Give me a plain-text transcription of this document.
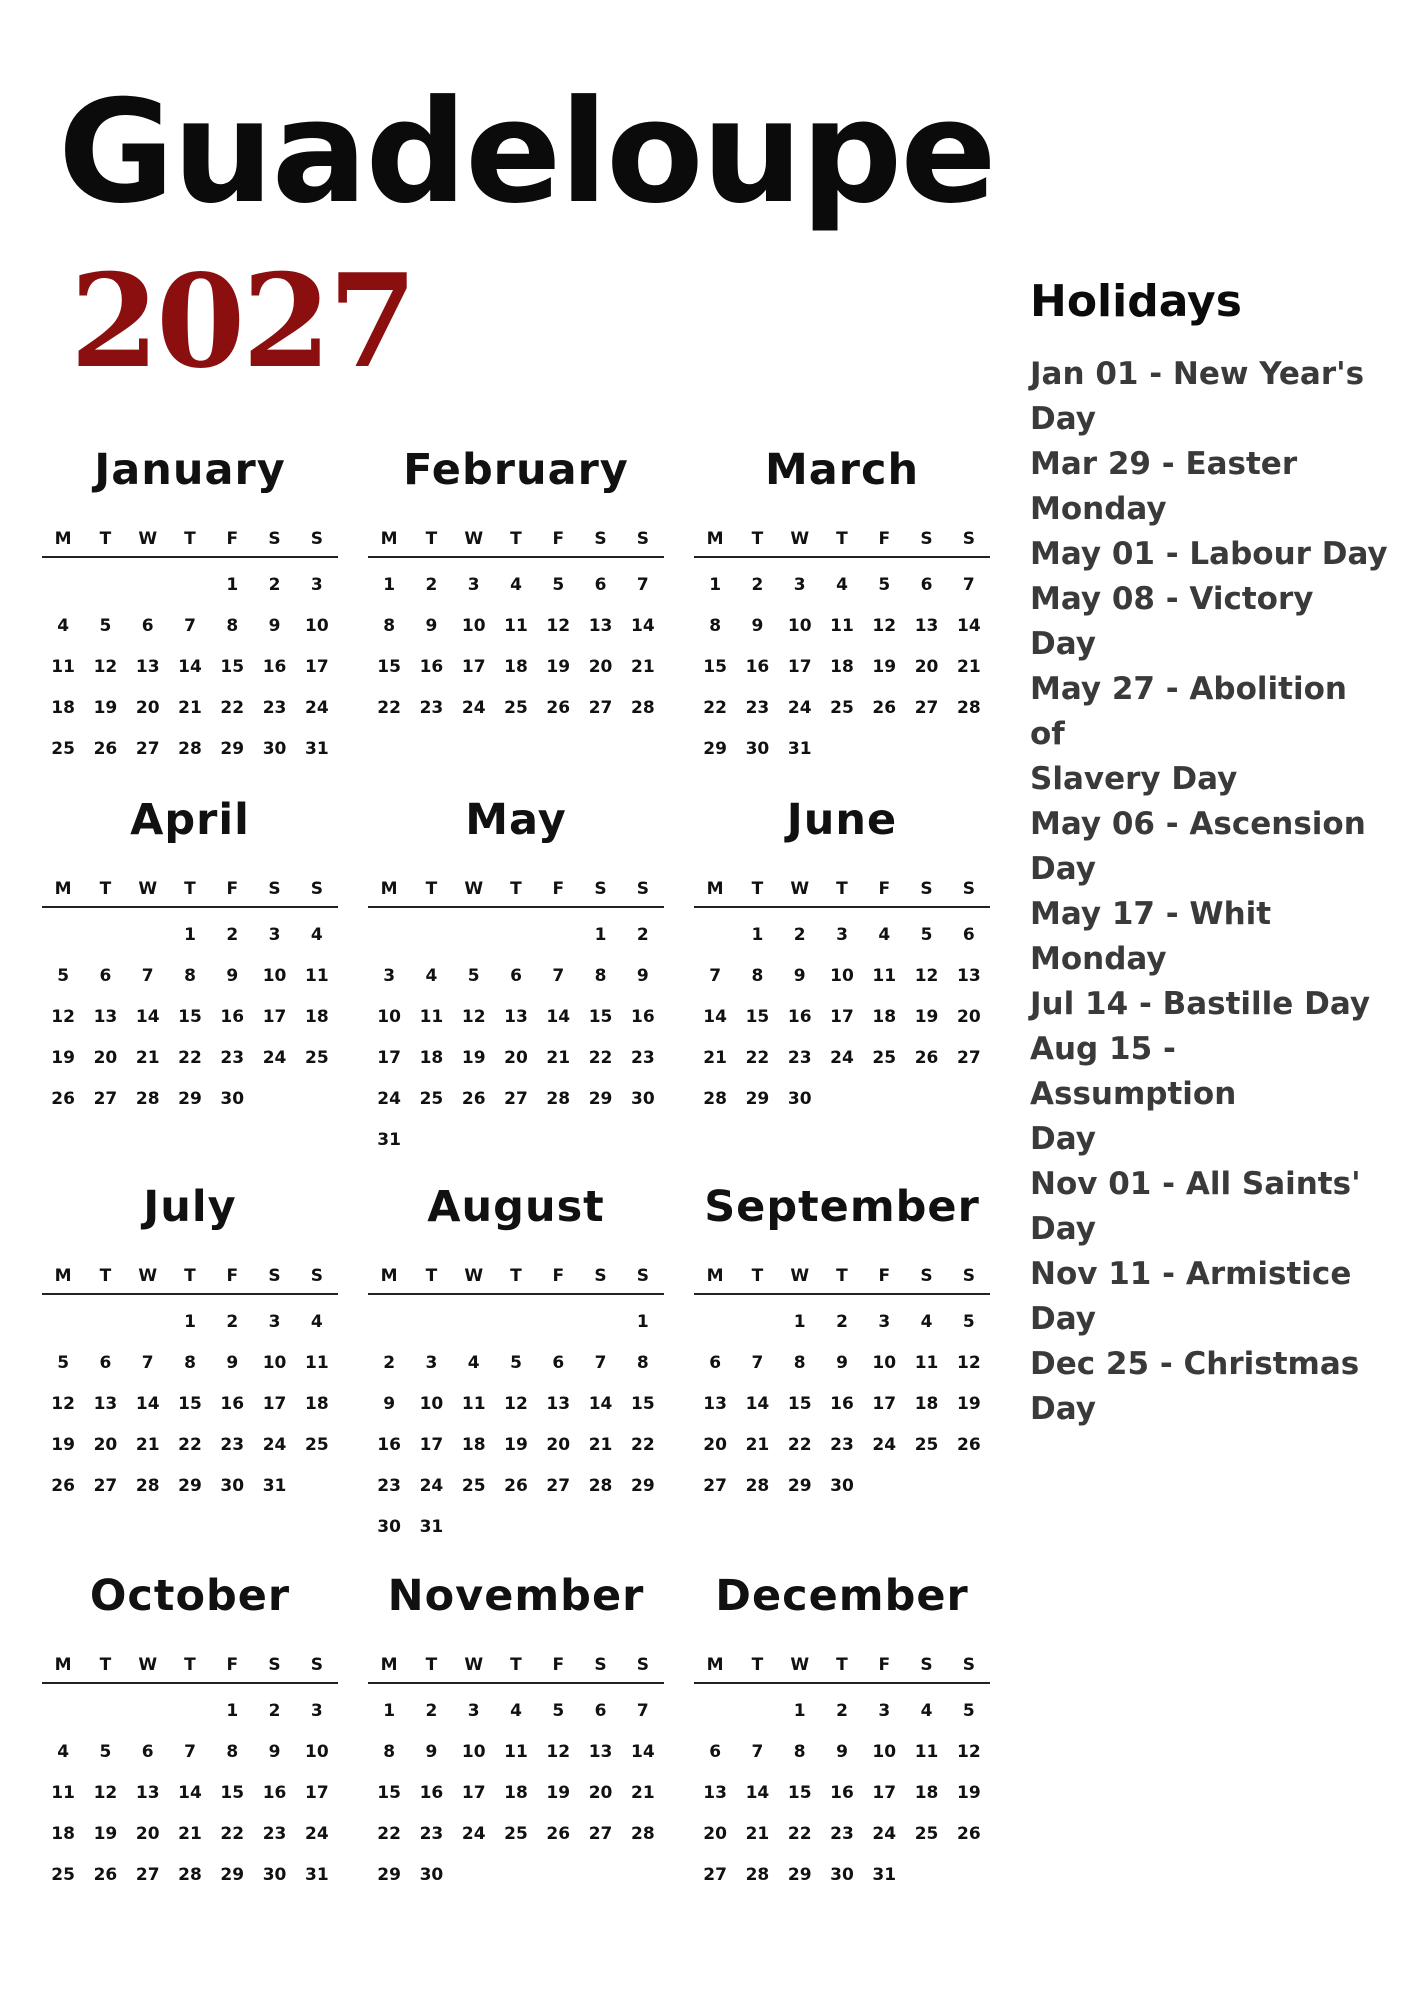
Guadeloupe
2027
January
M	T	W	T	F	S	S
				1	2	3
4	5	6	7	8	9	10
11	12	13	14	15	16	17
18	19	20	21	22	23	24
25	26	27	28	29	30	31
February
M	T	W	T	F	S	S
1	2	3	4	5	6	7
8	9	10	11	12	13	14
15	16	17	18	19	20	21
22	23	24	25	26	27	28
March
M	T	W	T	F	S	S
1	2	3	4	5	6	7
8	9	10	11	12	13	14
15	16	17	18	19	20	21
22	23	24	25	26	27	28
29	30	31				
April
M	T	W	T	F	S	S
			1	2	3	4
5	6	7	8	9	10	11
12	13	14	15	16	17	18
19	20	21	22	23	24	25
26	27	28	29	30		
May
M	T	W	T	F	S	S
					1	2
3	4	5	6	7	8	9
10	11	12	13	14	15	16
17	18	19	20	21	22	23
24	25	26	27	28	29	30
31						
June
M	T	W	T	F	S	S
	1	2	3	4	5	6
7	8	9	10	11	12	13
14	15	16	17	18	19	20
21	22	23	24	25	26	27
28	29	30				
July
M	T	W	T	F	S	S
			1	2	3	4
5	6	7	8	9	10	11
12	13	14	15	16	17	18
19	20	21	22	23	24	25
26	27	28	29	30	31	
August
M	T	W	T	F	S	S
						1
2	3	4	5	6	7	8
9	10	11	12	13	14	15
16	17	18	19	20	21	22
23	24	25	26	27	28	29
30	31					
September
M	T	W	T	F	S	S
		1	2	3	4	5
6	7	8	9	10	11	12
13	14	15	16	17	18	19
20	21	22	23	24	25	26
27	28	29	30			
October
M	T	W	T	F	S	S
				1	2	3
4	5	6	7	8	9	10
11	12	13	14	15	16	17
18	19	20	21	22	23	24
25	26	27	28	29	30	31
November
M	T	W	T	F	S	S
1	2	3	4	5	6	7
8	9	10	11	12	13	14
15	16	17	18	19	20	21
22	23	24	25	26	27	28
29	30					
December
M	T	W	T	F	S	S
		1	2	3	4	5
6	7	8	9	10	11	12
13	14	15	16	17	18	19
20	21	22	23	24	25	26
27	28	29	30	31		
Holidays
Jan 01 - New Year's
Day
Mar 29 - Easter
Monday
May 01 - Labour Day
May 08 - Victory Day
May 27 - Abolition of
Slavery Day
May 06 - Ascension
Day
May 17 - Whit
Monday
Jul 14 - Bastille Day
Aug 15 - Assumption
Day
Nov 01 - All Saints'
Day
Nov 11 - Armistice
Day
Dec 25 - Christmas
Day
